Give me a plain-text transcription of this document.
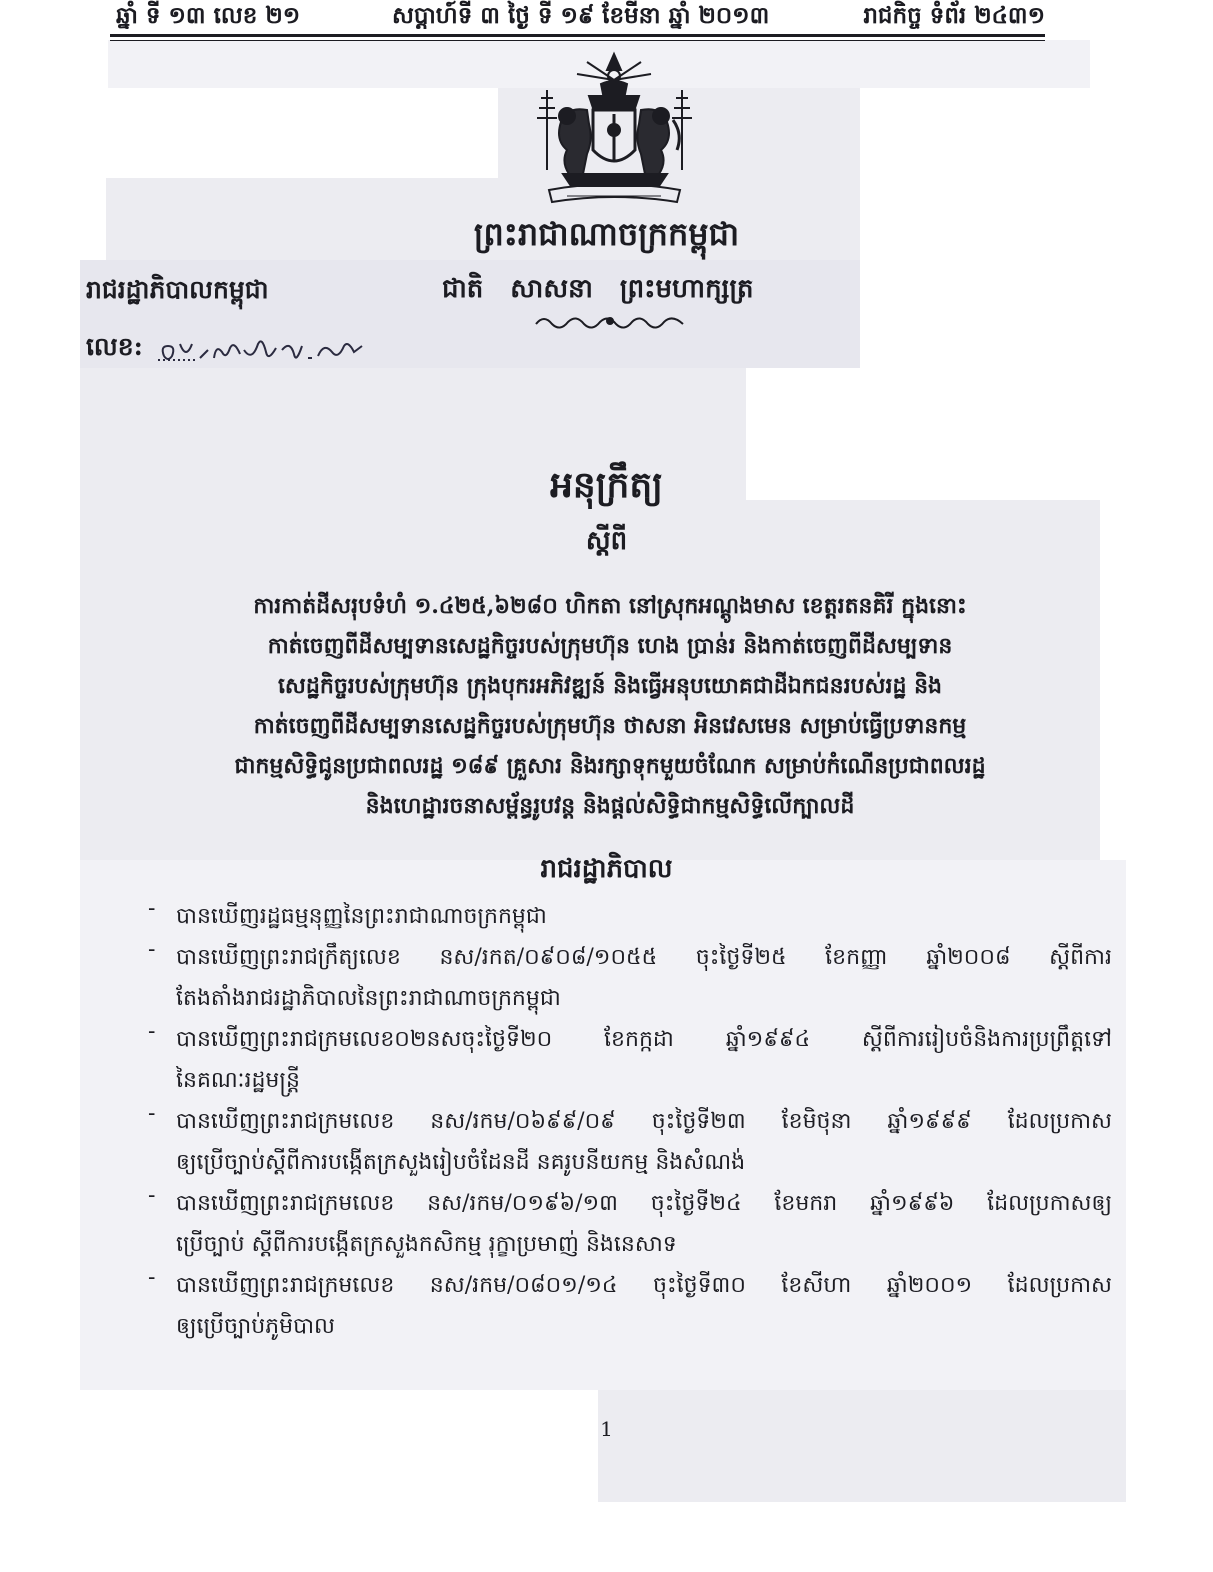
ឆ្នាំ ទី ១៣ លេខ ២១	សប្តាហ៍ទី ៣ ថ្ងៃ ទី ១៩ ខែមីនា ឆ្នាំ ២០១៣	រាជកិច្ច ទំព័រ ២៤៣១
ព្រះរាជាណាចក្រកម្ពុជា
រាជរដ្ឋាភិបាលកម្ពុជា	ជាតិ សាសនា ព្រះមហាក្សត្រ
លេខ:
៨៧ អនក្រ.បក
អនុក្រឹត្យ
ស្តីពី
ការកាត់ដីសរុបទំហំ ១.៤២៥,៦២៨០ ហិកតា នៅស្រុកអណ្តូងមាស ខេត្តរតនគិរី ក្នុងនោះ
កាត់ចេញពីដីសម្បទានសេដ្ឋកិច្ចរបស់ក្រុមហ៊ុន ហេង ប្រាន់រ និងកាត់ចេញពីដីសម្បទាន
សេដ្ឋកិច្ចរបស់ក្រុមហ៊ុន ក្រុងបុករអភិវឌ្ឍន៍ និងធ្វើអនុបយោគជាដីឯកជនរបស់រដ្ឋ និង
កាត់ចេញពីដីសម្បទានសេដ្ឋកិច្ចរបស់ក្រុមហ៊ុន ថាសនា អិនវេសមេន សម្រាប់ធ្វើប្រទានកម្ម
ជាកម្មសិទ្ធិជូនប្រជាពលរដ្ឋ ១៨៩ គ្រួសារ និងរក្សាទុកមួយចំណែក សម្រាប់កំណើនប្រជាពលរដ្ឋ
និងហេដ្ឋារចនាសម្ព័ន្ធរូបវន្ត និងផ្តល់សិទ្ធិជាកម្មសិទ្ធិលើក្បាលដី
រាជរដ្ឋាភិបាល
- បានឃើញរដ្ឋធម្មនុញ្ញនៃព្រះរាជាណាចក្រកម្ពុជា
- បានឃើញព្រះរាជក្រឹត្យលេខ នស/រកត/០៩០៨/១០៥៥ ចុះថ្ងៃទី២៥ ខែកញ្ញា ឆ្នាំ២០០៨ ស្តីពីការ
តែងតាំងរាជរដ្ឋាភិបាលនៃព្រះរាជាណាចក្រកម្ពុជា
- បានឃើញព្រះរាជក្រមលេខ០២នសចុះថ្ងៃទី២០ ខែកក្កដា ឆ្នាំ១៩៩៤ ស្តីពីការរៀបចំនិងការប្រព្រឹត្តទៅ
នៃគណៈរដ្ឋមន្ត្រី
- បានឃើញព្រះរាជក្រមលេខ នស/រកម/០៦៩៩/០៩ ចុះថ្ងៃទី២៣ ខែមិថុនា ឆ្នាំ១៩៩៩ ដែលប្រកាស
ឲ្យប្រើច្បាប់ស្តីពីការបង្កើតក្រសួងរៀបចំដែនដី នគរូបនីយកម្ម និងសំណង់
- បានឃើញព្រះរាជក្រមលេខ នស/រកម/០១៩៦/១៣ ចុះថ្ងៃទី២៤ ខែមករា ឆ្នាំ១៩៩៦ ដែលប្រកាសឲ្យ
ប្រើច្បាប់ ស្តីពីការបង្កើតក្រសួងកសិកម្ម រុក្ខាប្រមាញ់ និងនេសាទ
- បានឃើញព្រះរាជក្រមលេខ នស/រកម/០៨០១/១៤ ចុះថ្ងៃទី៣០ ខែសីហា ឆ្នាំ២០០១ ដែលប្រកាស
ឲ្យប្រើច្បាប់ភូមិបាល
1
